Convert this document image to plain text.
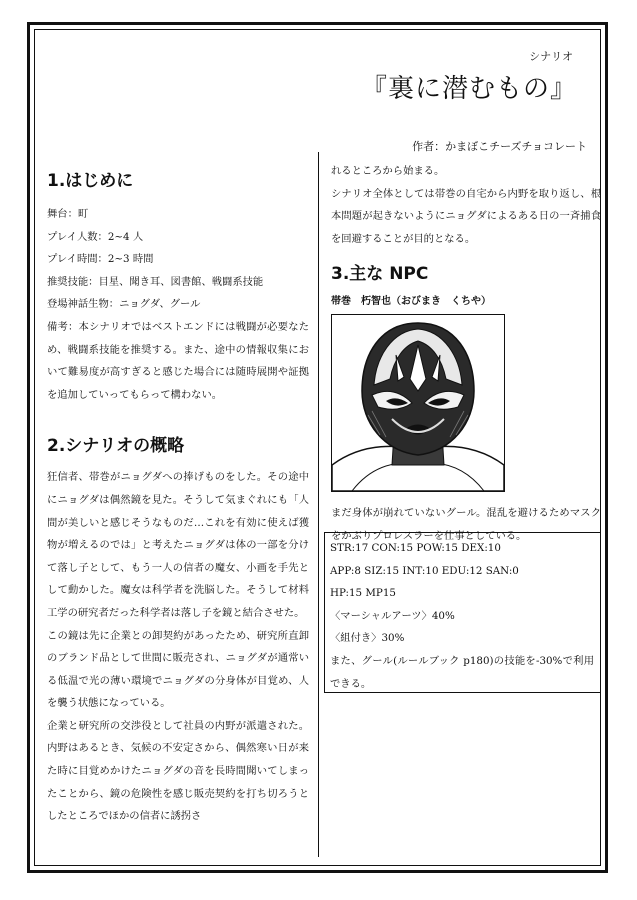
シナリオ
『裏に潜むもの』
作者：かまぼこチーズチョコレート
1.はじめに

舞台：町

プレイ人数：2~4 人

プレイ時間：2~3 時間

推奨技能：目星、聞き耳、図書館、戦闘系技能

登場神話生物：ニョグダ、グール

備考：本シナリオではベストエンドには戦闘が必要なため、戦闘系技能を推奨する。また、途中の情報収集において難易度が高すぎると感じた場合には随時展開や証拠を追加していってもらって構わない。

2.シナリオの概略

狂信者、帯巻がニョグダへの捧げものをした。その途中にニョグダは偶然鏡を見た。そうして気まぐれにも「人間が美しいと感じそうなものだ…これを有効に使えば獲物が増えるのでは」と考えたニョグダは体の一部を分けて落し子として、もう一人の信者の魔女、小画を手先として動かした。魔女は科学者を洗脳した。そうして材料工学の研究者だった科学者は落し子を鏡と結合させた。

この鏡は先に企業との卸契約があったため、研究所直卸のブランド品として世間に販売され、ニョグダが通常いる低温で光の薄い環境でニョグダの分身体が目覚め、人を襲う状態になっている。

企業と研究所の交渉役として社員の内野が派遣された。内野はあるとき、気候の不安定さから、偶然寒い日が来た時に目覚めかけたニョグダの音を長時間聞いてしまったことから、鏡の危険性を感じ販売契約を打ち切ろうとしたところでほかの信者に誘拐さ

れるところから始まる。

シナリオ全体としては帯巻の自宅から内野を取り返し、根本問題が起きないようにニョグダによるある日の一斉捕食を回避することが目的となる。

3.主な NPC

帯巻　朽智也（おびまき　くちや）

まだ身体が崩れていないグール。混乱を避けるためマスクをかぶりプロレスラーを仕事としている。

STR:17 CON:15 POW:15 DEX:10

APP:8 SIZ:15 INT:10 EDU:12 SAN:0

HP:15 MP15

〈マーシャルアーツ〉40%

〈組付き〉30%

また、グール(ルールブック p180)の技能を-30%で利用できる。
